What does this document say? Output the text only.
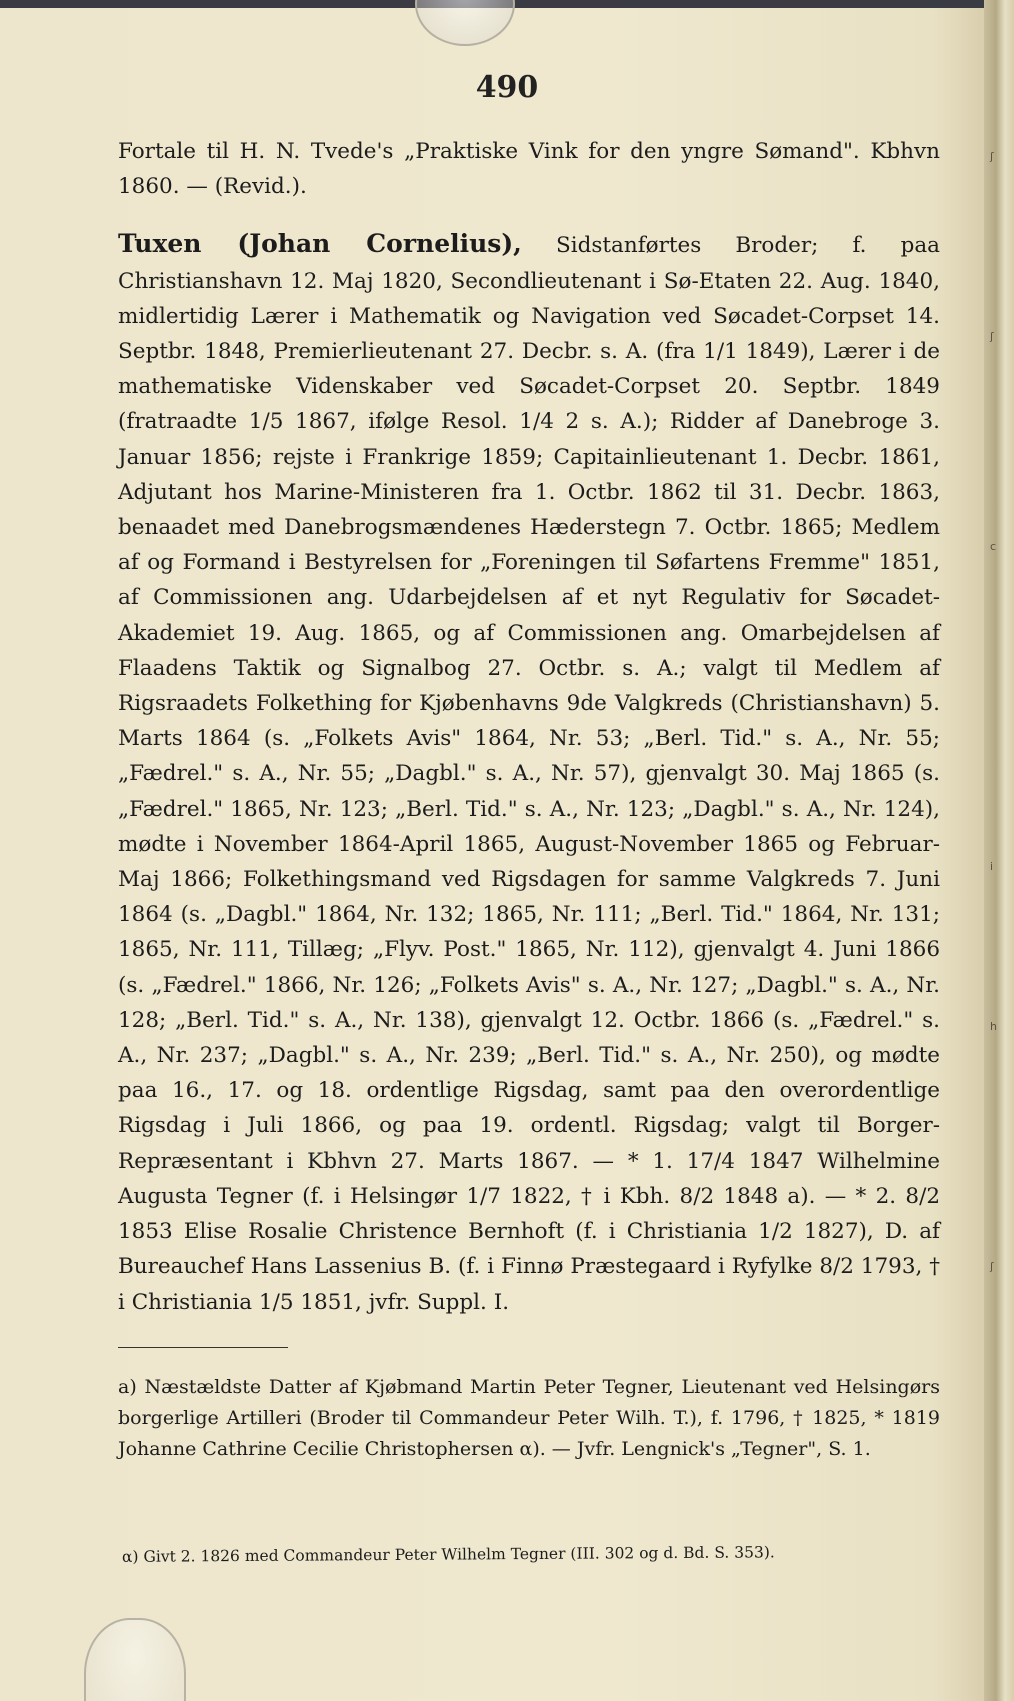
ʃ
ʃ
c
i
h
ʃ
490

Fortale til H. N. Tvede's „Praktiske Vink for den yngre Sømand". Kbhvn 1860. — (Revid.).

Tuxen (Johan Cornelius), Sidstanførtes Broder; f. paa Christianshavn 12. Maj 1820, Secondlieutenant i Sø-Etaten 22. Aug. 1840, midlertidig Lærer i Mathematik og Navigation ved Søcadet-Corpset 14. Septbr. 1848, Premierlieutenant 27. Decbr. s. A. (fra 1/1 1849), Lærer i de mathematiske Videnskaber ved Søcadet-Corpset 20. Septbr. 1849 (fratraadte 1/5 1867, ifølge Resol. 1/4 2 s. A.); Ridder af Danebroge 3. Januar 1856; rejste i Frankrige 1859; Capitainlieutenant 1. Decbr. 1861, Adjutant hos Marine-Ministeren fra 1. Octbr. 1862 til 31. Decbr. 1863, benaadet med Danebrogsmændenes Hæderstegn 7. Octbr. 1865; Medlem af og Formand i Bestyrelsen for „Foreningen til Søfartens Fremme" 1851, af Commissionen ang. Udarbejdelsen af et nyt Regulativ for Søcadet-Akademiet 19. Aug. 1865, og af Commissionen ang. Omarbejdelsen af Flaadens Taktik og Signalbog 27. Octbr. s. A.; valgt til Medlem af Rigsraadets Folkething for Kjøbenhavns 9de Valgkreds (Christianshavn) 5. Marts 1864 (s. „Folkets Avis" 1864, Nr. 53; „Berl. Tid." s. A., Nr. 55; „Fædrel." s. A., Nr. 55; „Dagbl." s. A., Nr. 57), gjenvalgt 30. Maj 1865 (s. „Fædrel." 1865, Nr. 123; „Berl. Tid." s. A., Nr. 123; „Dagbl." s. A., Nr. 124), mødte i November 1864-April 1865, August-November 1865 og Februar-Maj 1866; Folkethingsmand ved Rigsdagen for samme Valgkreds 7. Juni 1864 (s. „Dagbl." 1864, Nr. 132; 1865, Nr. 111; „Berl. Tid." 1864, Nr. 131; 1865, Nr. 111, Tillæg; „Flyv. Post." 1865, Nr. 112), gjenvalgt 4. Juni 1866 (s. „Fædrel." 1866, Nr. 126; „Folkets Avis" s. A., Nr. 127; „Dagbl." s. A., Nr. 128; „Berl. Tid." s. A., Nr. 138), gjenvalgt 12. Octbr. 1866 (s. „Fædrel." s. A., Nr. 237; „Dagbl." s. A., Nr. 239; „Berl. Tid." s. A., Nr. 250), og mødte paa 16., 17. og 18. ordentlige Rigsdag, samt paa den overordentlige Rigsdag i Juli 1866, og paa 19. ordentl. Rigsdag; valgt til Borger-Repræsentant i Kbhvn 27. Marts 1867. — * 1. 17/4 1847 Wilhelmine Augusta Tegner (f. i Helsingør 1/7 1822, † i Kbh. 8/2 1848 a). — * 2. 8/2 1853 Elise Rosalie Christence Bernhoft (f. i Christiania 1/2 1827), D. af Bureauchef Hans Lassenius B. (f. i Finnø Præstegaard i Ryfylke 8/2 1793, † i Christiania 1/5 1851, jvfr. Suppl. I.

a) Næstældste Datter af Kjøbmand Martin Peter Tegner, Lieutenant ved Helsingørs borgerlige Artilleri (Broder til Commandeur Peter Wilh. T.), f. 1796, † 1825, * 1819 Johanne Cathrine Cecilie Christophersen α). — Jvfr. Lengnick's „Tegner", S. 1.

α) Givt 2. 1826 med Commandeur Peter Wilhelm Tegner (III. 302 og d. Bd. S. 353).
